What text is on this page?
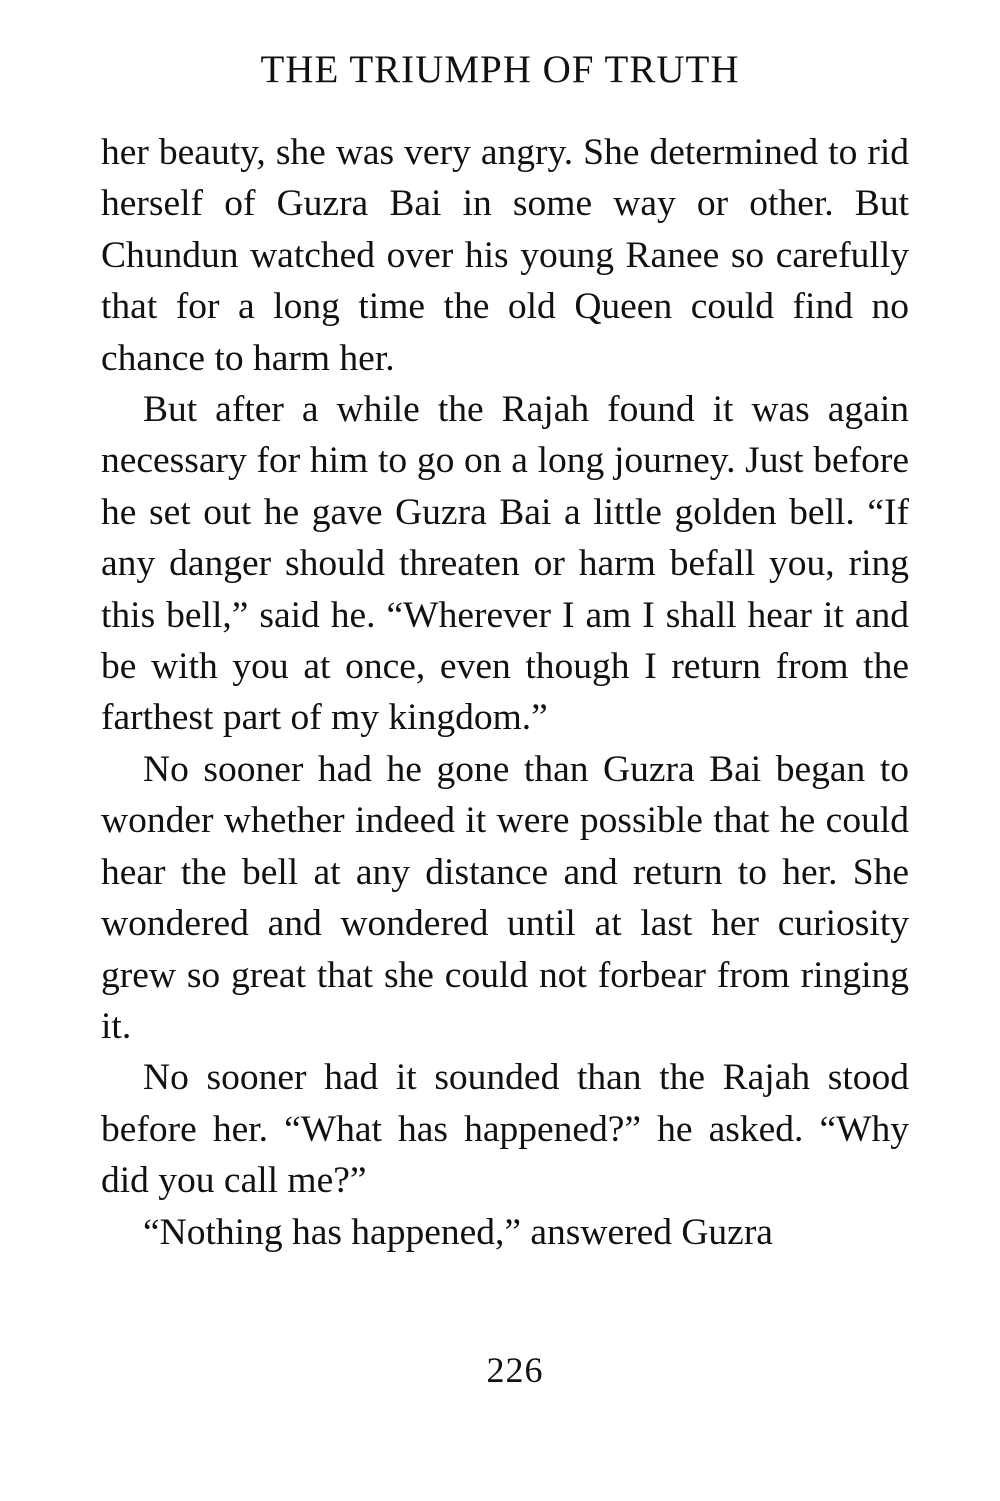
THE TRIUMPH OF TRUTH

her beauty, she was very angry. She determined to rid herself of Guzra Bai in some way or other. But Chundun watched over his young Ranee so carefully that for a long time the old Queen could find no chance to harm her.

But after a while the Rajah found it was again necessary for him to go on a long journey. Just before he set out he gave Guzra Bai a little golden bell. “If any danger should threaten or harm befall you, ring this bell,” said he. “Wherever I am I shall hear it and be with you at once, even though I return from the farthest part of my kingdom.”

No sooner had he gone than Guzra Bai began to wonder whether indeed it were possible that he could hear the bell at any distance and return to her. She wondered and wondered until at last her curiosity grew so great that she could not forbear from ringing it.

No sooner had it sounded than the Rajah stood before her. “What has happened?” he asked. “Why did you call me?”

“Nothing has happened,” answered Guzra

226
